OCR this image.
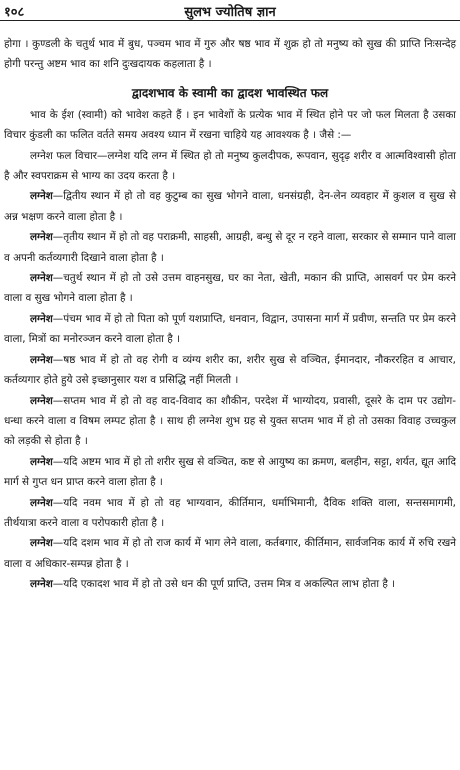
१०८	सुलभ ज्योतिष ज्ञान

होगा । कुण्डली के चतुर्थ भाव में बुध, पञ्चम भाव में गुरु और षष्ठ भाव में शुक्र हो तो मनुष्य को सुख की प्राप्ति निःसन्देह होगी परन्तु अष्टम भाव का शनि दुःखदायक कहलाता है ।

द्वादशभाव के स्वामी का द्वादश भावस्थित फल

भाव के ईश (स्वामी) को भावेश कहते हैं । इन भावेशों के प्रत्येक भाव में स्थित होने पर जो फल मिलता है उसका विचार कुंडली का फलित वर्तते समय अवश्य ध्यान में रखना चाहिये यह आवश्यक है । जैसे :—

लग्नेश फल विचार—लग्नेश यदि लग्न में स्थित हो तो मनुष्य कुलदीपक, रूपवान, सुदृढ़ शरीर व आत्मविश्वासी होता है और स्वपराक्रम से भाग्य का उदय करता है ।

लग्नेश—द्वितीय स्थान में हो तो वह कुटुम्ब का सुख भोगने वाला, धनसंग्रही, देन-लेन व्यवहार में कुशल व सुख से अन्न भक्षण करने वाला होता है ।

लग्नेश—तृतीय स्थान में हो तो वह पराक्रमी, साहसी, आग्रही, बन्धु से दूर न रहने वाला, सरकार से सम्मान पाने वाला व अपनी कर्तव्यगारी दिखाने वाला होता है ।

लग्नेश—चतुर्थ स्थान में हो तो उसे उत्तम वाहनसुख, घर का नेता, खेती, मकान की प्राप्ति, आसवर्ग पर प्रेम करने वाला व सुख भोगने वाला होता है ।

लग्नेश—पंचम भाव में हो तो पिता को पूर्ण यशप्राप्ति, धनवान, विद्वान, उपासना मार्ग में प्रवीण, सन्तति पर प्रेम करने वाला, मित्रों का मनोरञ्जन करने वाला होता है ।

लग्नेश—षष्ठ भाव में हो तो वह रोगी व व्यंग्य शरीर का, शरीर सुख से वञ्चित, ईमानदार, नौकररहित व आचार, कर्तव्यगार होते हुये उसे इच्छानुसार यश व प्रसिद्धि नहीं मिलती ।

लग्नेश—सप्तम भाव में हो तो वह वाद-विवाद का शौकीन, परदेश में भाग्योदय, प्रवासी, दूसरे के दाम पर उद्योग-धन्धा करने वाला व विषम लम्पट होता है । साथ ही लग्नेश शुभ ग्रह से युक्त सप्तम भाव में हो तो उसका विवाह उच्चकुल को लड़की से होता है ।

लग्नेश—यदि अष्टम भाव में हो तो शरीर सुख से वञ्चित, कष्ट से आयुष्य का क्रमण, बलहीन, सट्टा, शर्यत, द्यूत आदि मार्ग से गुप्त धन प्राप्त करने वाला होता है ।

लग्नेश—यदि नवम भाव में हो तो वह भाग्यवान, कीर्तिमान, धर्माभिमानी, दैविक शक्ति वाला, सन्तसमागमी, तीर्थयात्रा करने वाला व परोपकारी होता है ।

लग्नेश—यदि दशम भाव में हो तो राज कार्य में भाग लेने वाला, कर्तबगार, कीर्तिमान, सार्वजनिक कार्य में रुचि रखने वाला व अधिकार-सम्पन्न होता है ।

लग्नेश—यदि एकादश भाव में हो तो उसे धन की पूर्ण प्राप्ति, उत्तम मित्र व अकल्पित लाभ होता है ।
